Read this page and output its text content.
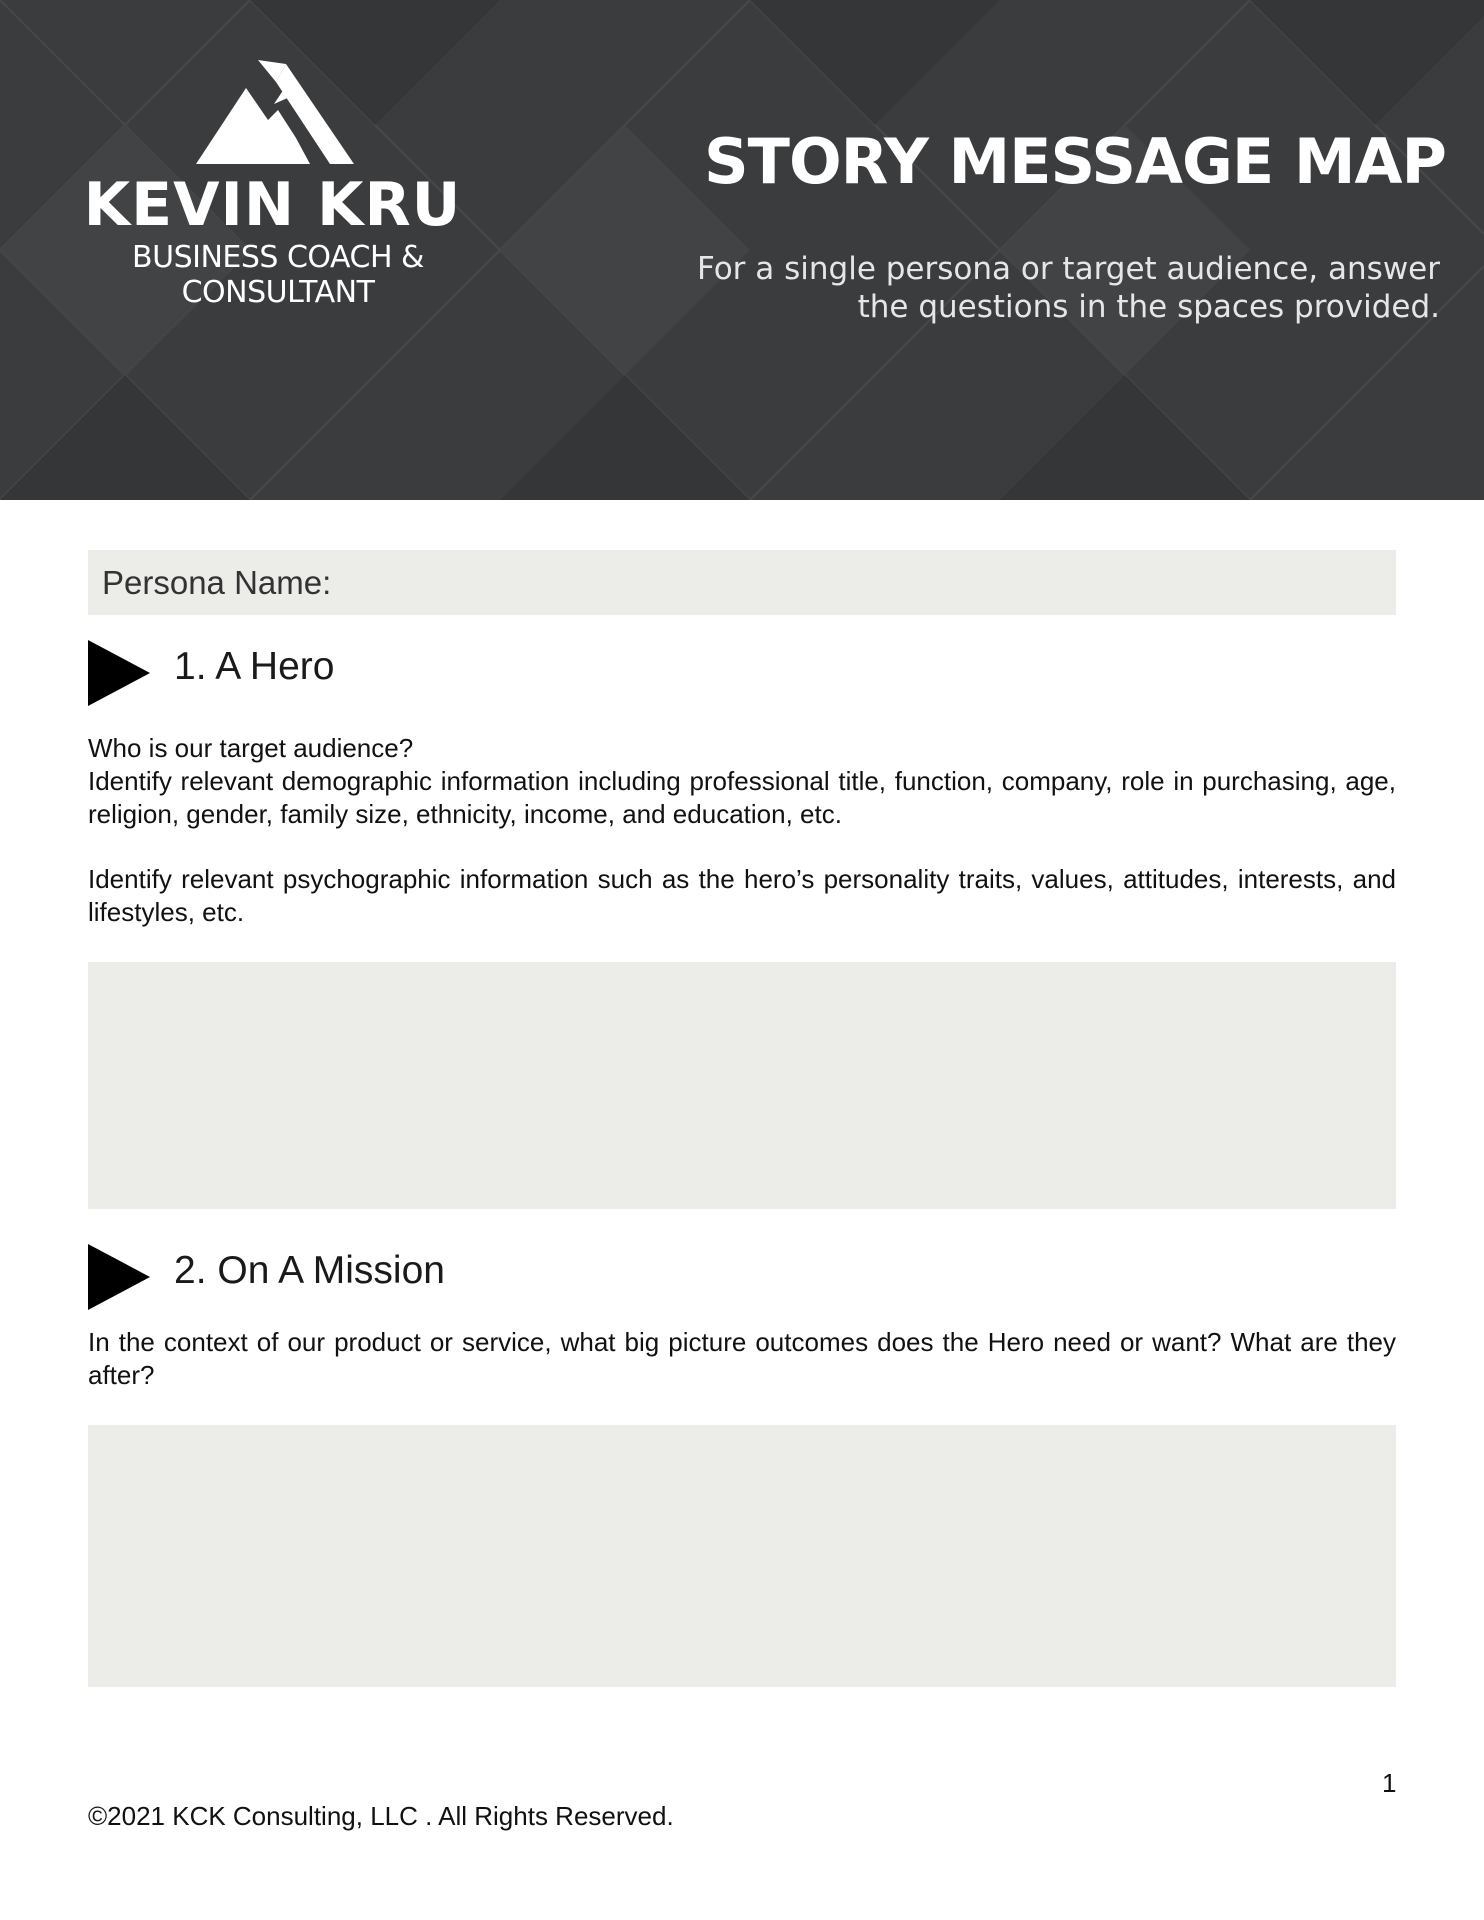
KEVIN KRU
BUSINESS COACH & CONSULTANT
STORY MESSAGE MAP
For a single persona or target audience, answer the questions in the spaces provided.
Persona Name:
1. A Hero

Who is our target audience?

Identify relevant demographic information including professional title, function, company, role in purchasing, age, religion, gender, family size, ethnicity, income, and education, etc.

Identify relevant psychographic information such as the hero’s personality traits, values, attitudes, interests, and lifestyles, etc.

2. On A Mission

In the context of our product or service, what big picture outcomes does the Hero need or want? What are they after?

1
©2021 KCK Consulting, LLC . All Rights Reserved.
